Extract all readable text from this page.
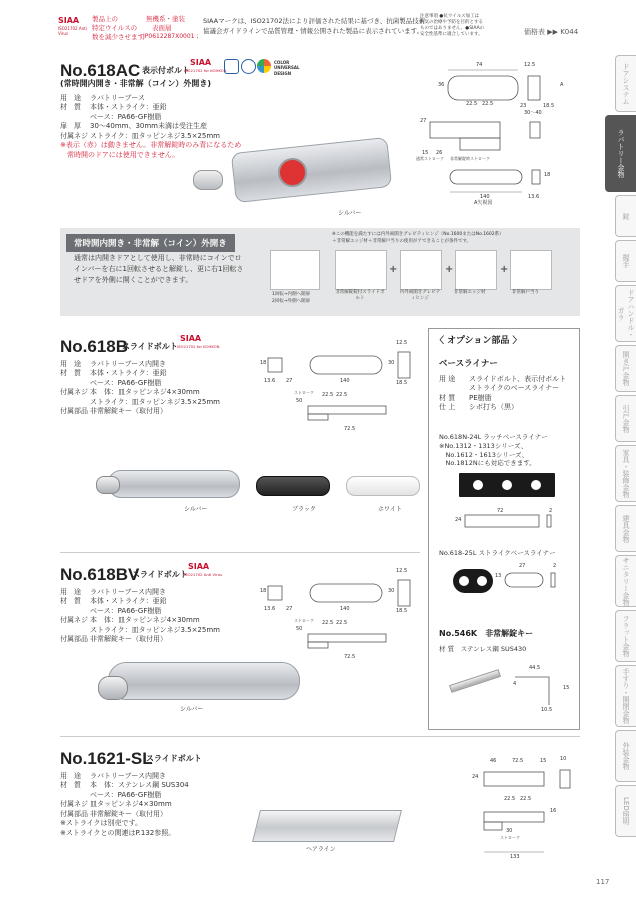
SIAA
ISO21702 Anti Virus
製品上の
特定ウイルスの
数を減少させます
無機系・塗装
表面層
JP0612287X0001 ;
SIAAマークは、ISO21702法により評価された結果に基づき、抗菌製品技術
協議会ガイドラインで品質管理・情報公開された製品に表示されています。
注意事項 ●抗ウイルス加工は
病気の治療や予防を目的とする
ものではありません。●SIAAの
安全性基準に適合しています。	価格表 ▶▶ K044
ドアシステム
ラバトリー金物
錠
握手
ドアハンドル・ガラ
開き戸金物
引戸金物
家具・装飾金物
建具金物
サニタリー金物
フラット金物
手すり・開閉金物
外装金物
LED照明
No.618AC 表示付ボルト
SIAA
ISO21702 for KOHKON
COLOR UNIVERSAL DESIGN
(常時開内開き・非常解（コイン）外開き)
用　途	ラバトリーブース
材　質	本体・ストライク：亜鉛
ベース：PA66-GF樹脂
扉　厚	30〜40mm、30mm未満は受注生産
付属ネジ ストライク：皿タッピンネジ3.5×25mm
※表示（赤）は動きません。非常解錠時のみ青になるため
　常時開のドアには使用できません。
シルバー
74	12.5
36
22.5 22.5	23	18.5
30〜40
27
A
15 26
通常ストローク 非常解錠時ストローク
140
A矢視図
13.6
18
常時開内開き・非常解（コイン）外開き
通常は内開きドアとして使用し、非常時にコインでロ
インバーを右に1回転させると解錠し、更に右1回転さ
せドアを外側に開くことができます。
1回転→内側へ開扉
2回転→外側へ開扉
※この機能を満たすには内外両開きグレビティヒンジ（No.1600またはNo.1602系）
＋非常解エッジ材＋非常解戸当りの使用がアできることが条件です。
非常解錠錠付スライドボルト
+
内外両開きグレビティヒンジ
+
非常解エッジ材
+
非常解戸当り
No.618B
スライドボルト
SIAA
ISO21702 for KOHKON
用　途	ラバトリーブース内開き
材　質	本体・ストライク：亜鉛
ベース：PA66-GF樹脂
付属ネジ 本　体：皿タッピンネジ4×30mm
ストライク：皿タッピンネジ3.5×25mm
付属部品 非常解錠キー（取付用）
12.5
18
13.6 27	140
30
18.5
ストローク
50
22.5 22.5
72.5
シルバー	ブラック	ホワイト
No.618BV
スライドボルト
SIAA
ISO21702 Anti Virus
用　途	ラバトリーブース内開き
材　質	本体・ストライク：亜鉛
ベース：PA66-GF樹脂
付属ネジ 本　体：皿タッピンネジ4×30mm
ストライク：皿タッピンネジ3.5×25mm
付属部品 非常解錠キー（取付用）
12.5
18
13.6 27	140
30
18.5
ストローク
50
22.5 22.5
72.5
シルバー
No.1621-SL
スライドボルト
用　途	ラバトリーブース内開き
材　質	本　体：ステンレス鋼 SUS304
ベース：PA66-GF樹脂
付属ネジ 皿タッピンネジ4×30mm
付属部品 非常解錠キー（取付用）
※ストライクは別売です。
※ストライクとの関連はP.132参照。
ヘアライン
46	72.5	15	10
24
22.5 22.5
16
30
ストローク
133
〈 オプション部品 〉
ベースライナー
用 途	スライドボルト、表示付ボルト
ストライクのベースライナー
材 質	PE樹脂
仕 上	シボ打ち（黒）
No.618N-24L ラッチベースライナー
※No.1312・1313シリーズ、
　No.1612・1613シリーズ、
　No.1812Nにも対応できます。
72	2
24
No.618-25L ストライクベースライナー
27	2
13
No.546K　非常解錠キー
材 質　ステンレス鋼 SUS430
44.5
15
10.5
4
117
